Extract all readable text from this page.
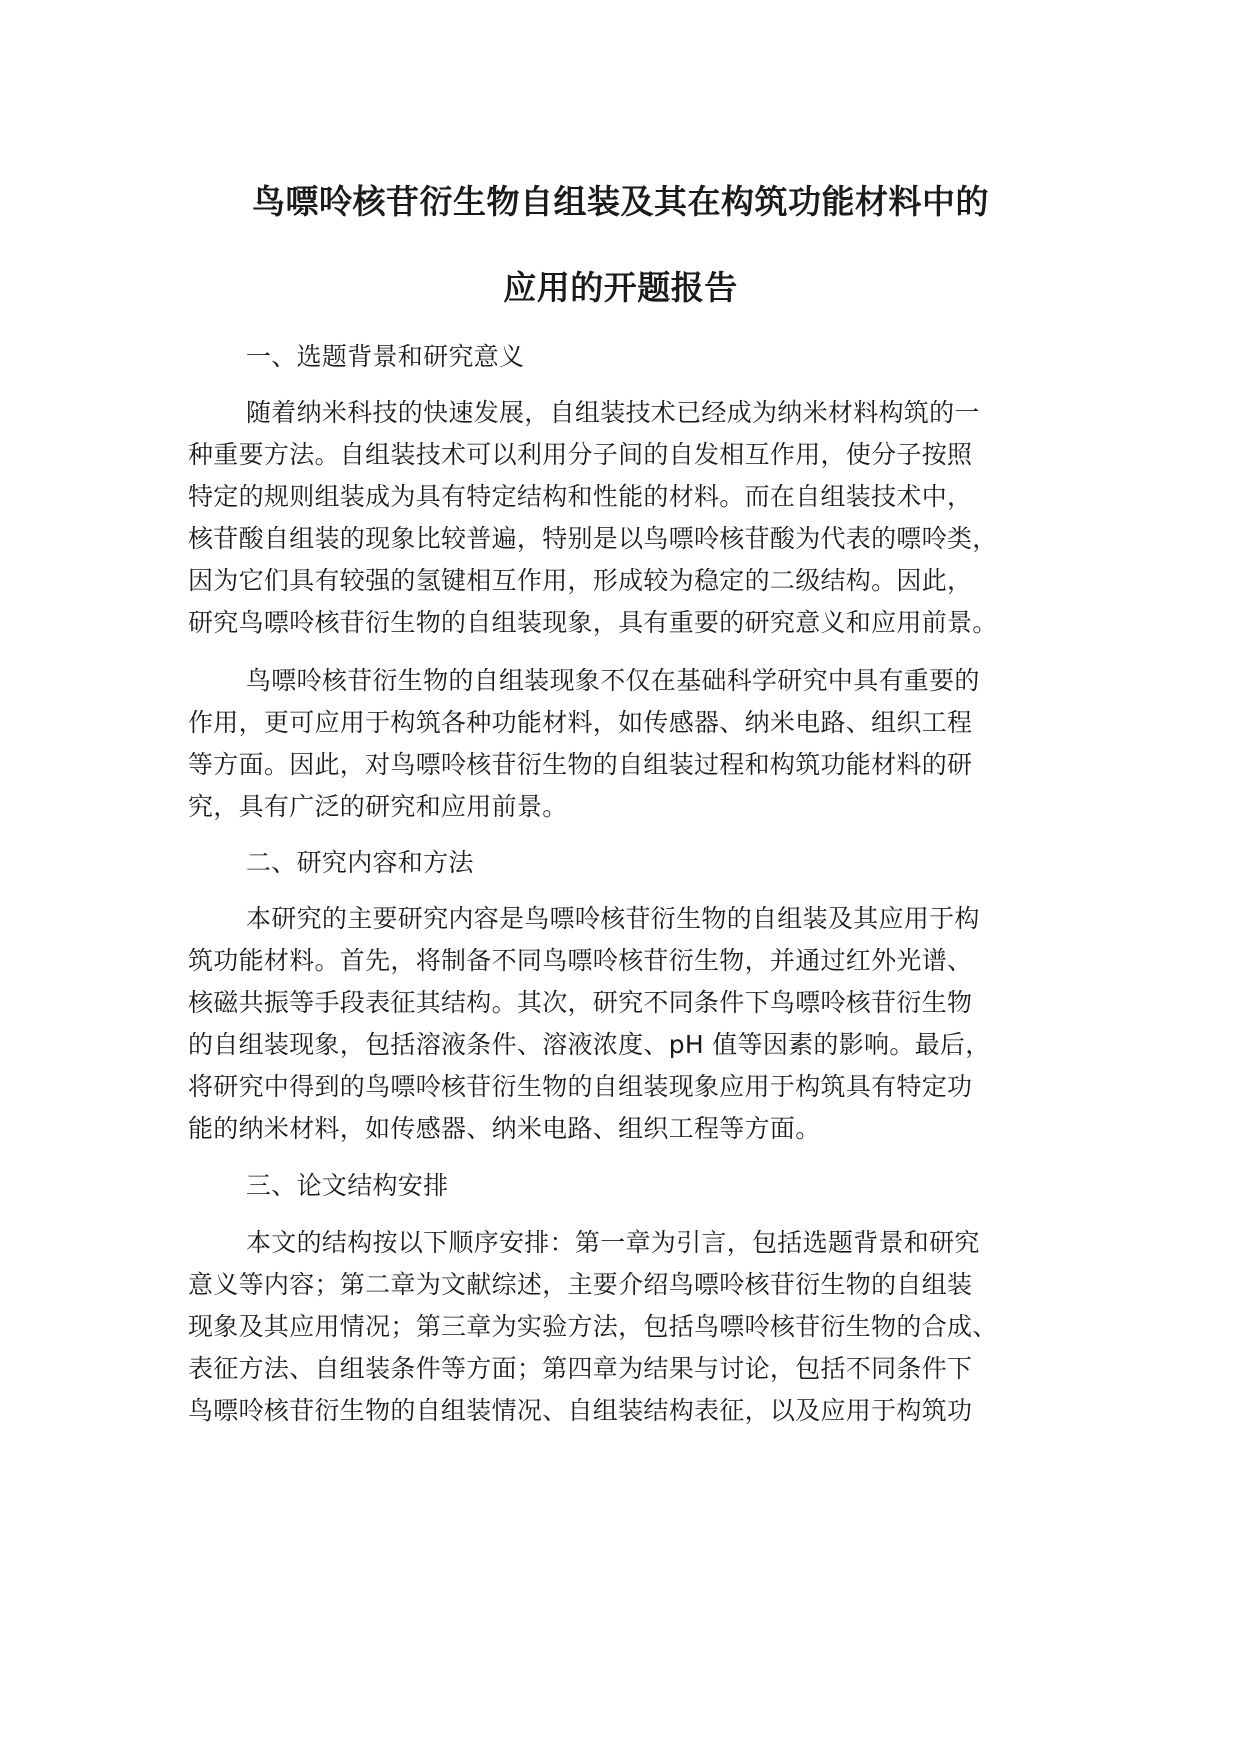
鸟嘌呤核苷衍生物自组装及其在构筑功能材料中的
应用的开题报告
一、选题背景和研究意义
随着纳米科技的快速发展，自组装技术已经成为纳米材料构筑的一
种重要方法。自组装技术可以利用分子间的自发相互作用，使分子按照
特定的规则组装成为具有特定结构和性能的材料。而在自组装技术中，
核苷酸自组装的现象比较普遍，特别是以鸟嘌呤核苷酸为代表的嘌呤类，
因为它们具有较强的氢键相互作用，形成较为稳定的二级结构。因此，
研究鸟嘌呤核苷衍生物的自组装现象，具有重要的研究意义和应用前景。
鸟嘌呤核苷衍生物的自组装现象不仅在基础科学研究中具有重要的
作用，更可应用于构筑各种功能材料，如传感器、纳米电路、组织工程
等方面。因此，对鸟嘌呤核苷衍生物的自组装过程和构筑功能材料的研
究，具有广泛的研究和应用前景。
二、研究内容和方法
本研究的主要研究内容是鸟嘌呤核苷衍生物的自组装及其应用于构
筑功能材料。首先，将制备不同鸟嘌呤核苷衍生物，并通过红外光谱、
核磁共振等手段表征其结构。其次，研究不同条件下鸟嘌呤核苷衍生物
的自组装现象，包括溶液条件、溶液浓度、pH 值等因素的影响。最后，
将研究中得到的鸟嘌呤核苷衍生物的自组装现象应用于构筑具有特定功
能的纳米材料，如传感器、纳米电路、组织工程等方面。
三、论文结构安排
本文的结构按以下顺序安排：第一章为引言，包括选题背景和研究
意义等内容；第二章为文献综述，主要介绍鸟嘌呤核苷衍生物的自组装
现象及其应用情况；第三章为实验方法，包括鸟嘌呤核苷衍生物的合成、
表征方法、自组装条件等方面；第四章为结果与讨论，包括不同条件下
鸟嘌呤核苷衍生物的自组装情况、自组装结构表征，以及应用于构筑功
